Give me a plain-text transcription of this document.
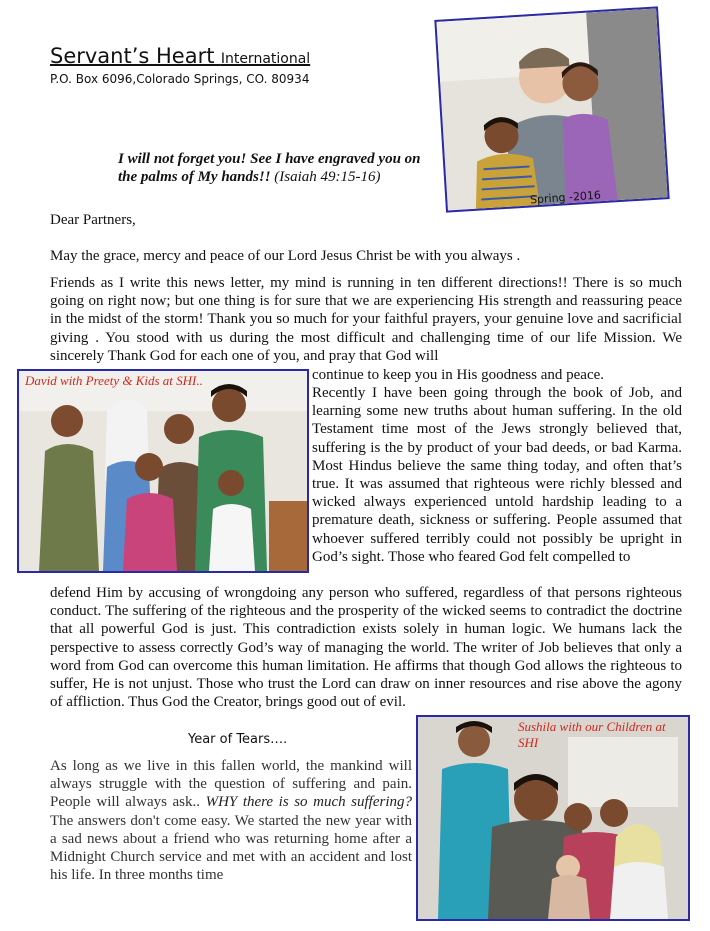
Servant’s Heart International
P.O. Box 6096,Colorado Springs, CO. 80934
Spring -2016
I will not forget you! See I have engraved you on the palms of My hands!! (Isaiah 49:15-16)
Dear Partners,
May the grace, mercy and peace of our Lord Jesus Christ be with you always .
Friends as I write this news letter, my mind is running in ten different directions!! There is so much going on right now; but one thing is for sure that we are experiencing His strength and reassuring peace in the midst of the storm! Thank you so much for your faithful prayers, your genuine love and sacrificial giving . You stood with us during the most difficult and challenging time of our life Mission. We sincerely Thank God for each one of you, and pray that God will
David with Preety & Kids at SHI..	continue to keep you in His goodness and peace.
Recently I have been going through the book of Job, and learning some new truths about human suffering. In the old Testament time most of the Jews strongly believed that, suffering is the by product of your bad deeds, or bad Karma. Most Hindus believe the same thing today, and often that’s true. It was assumed that righteous were richly blessed and wicked always experienced untold hardship leading to a premature death, sickness or suffering. People assumed that whoever suffered terribly could not possibly be upright in God’s sight. Those who feared God felt compelled to
defend Him by accusing of wrongdoing any person who suffered, regardless of that persons righteous conduct. The suffering of the righteous and the prosperity of the wicked seems to contradict the doctrine that all powerful God is just. This contradiction exists solely in human logic. We humans lack the perspective to assess correctly God’s way of managing the world. The writer of Job believes that only a word from God can overcome this human limitation. He affirms that though God allows the righteous to suffer, He is not unjust. Those who trust the Lord can draw on inner resources and rise above the agony of affliction. Thus God the Creator, brings good out of evil.
Year of Tears….
As long as we live in this fallen world, the mankind will always struggle with the question of suffering and pain. People will always ask.. WHY there is so much suffering? The answers don't come easy. We started the new year with a sad news about a friend who was returning home after a Midnight Church service and met with an accident and lost his life. In three months time
Sushila with our Children at SHI
